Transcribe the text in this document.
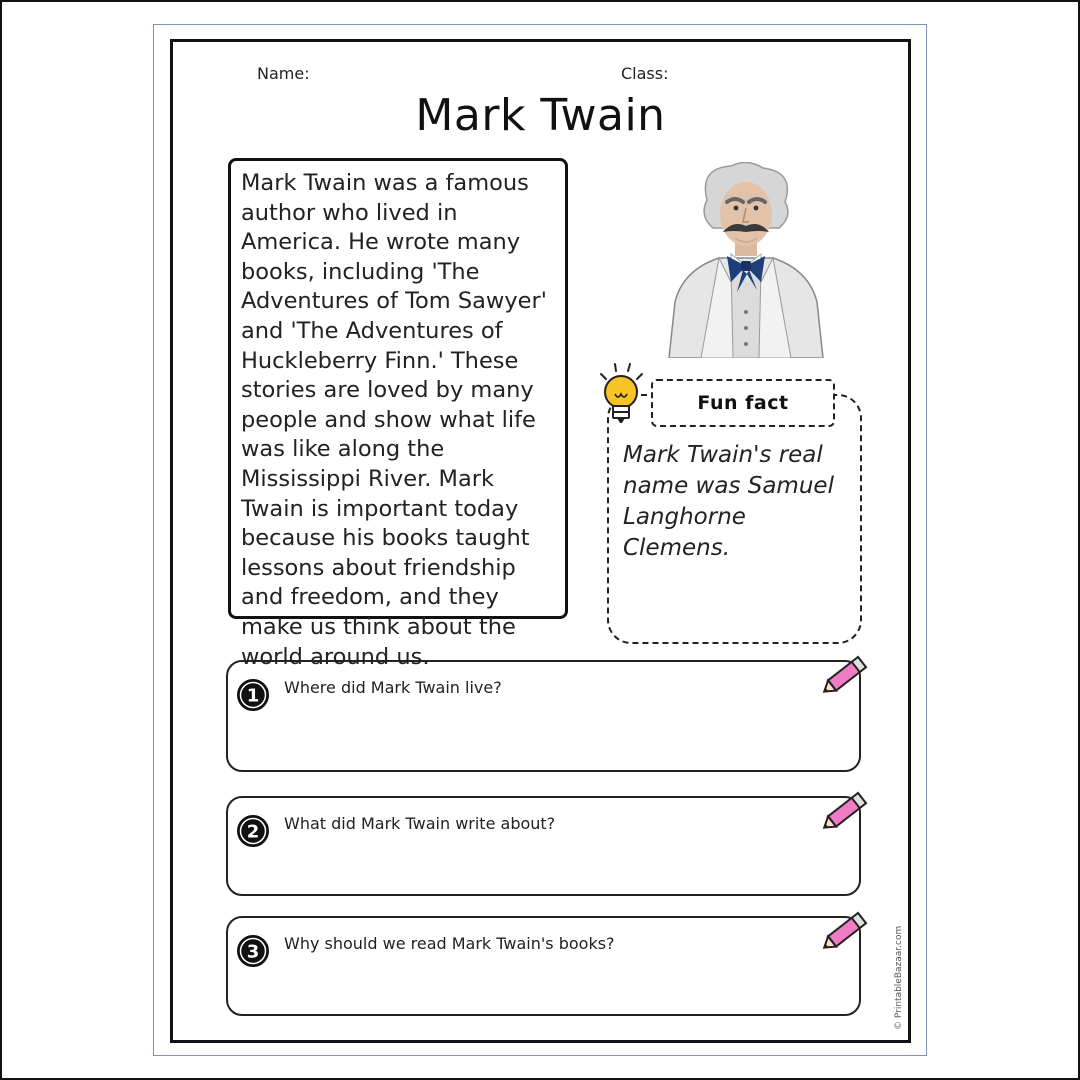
Name:	Class:
Mark Twain

Mark Twain was a famous author who lived in America. He wrote many books, including 'The Adventures of Tom Sawyer' and 'The Adventures of Huckleberry Finn.' These stories are loved by many people and show what life was like along the Mississippi River. Mark Twain is important today because his books taught lessons about friendship and freedom, and they make us think about the world around us.

Mark Twain's real name was Samuel Langhorne Clemens.

Fun fact
1 Where did Mark Twain live?
2 What did Mark Twain write about?
3 Why should we read Mark Twain's books?	© PrintableBazaar.com
